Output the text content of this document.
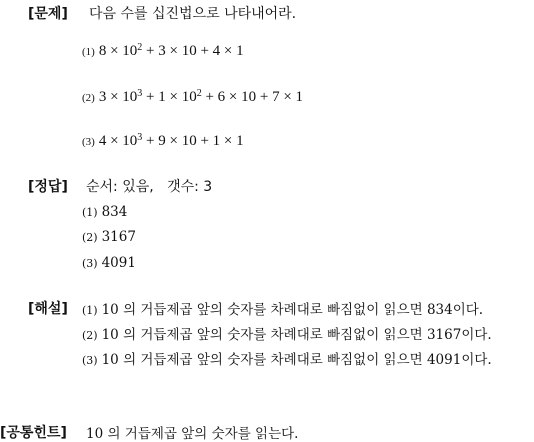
[문제] 다음 수를 십진법으로 나타내어라.
(1) $8 \times 10^2 + 3 \times 10 + 4 \times 1$
(2) $3 \times 10^3 + 1 \times 10^2 + 6 \times 10 + 7 \times 1$
(3) $4 \times 10^3 + 9 \times 10 + 1 \times 1$
[정답] 순서: 있음,   갯수: 3
(1) 834
(2) 3167
(3) 4091
[해설] (1) 10 의 거듭제곱 앞의 숫자를 차례대로 빠짐없이 읽으면 834이다.
(2) 10 의 거듭제곱 앞의 숫자를 차례대로 빠짐없이 읽으면 3167이다.
(3) 10 의 거듭제곱 앞의 숫자를 차례대로 빠짐없이 읽으면 4091이다.
[공통힌트] 10 의 거듭제곱 앞의 숫자를 읽는다.
